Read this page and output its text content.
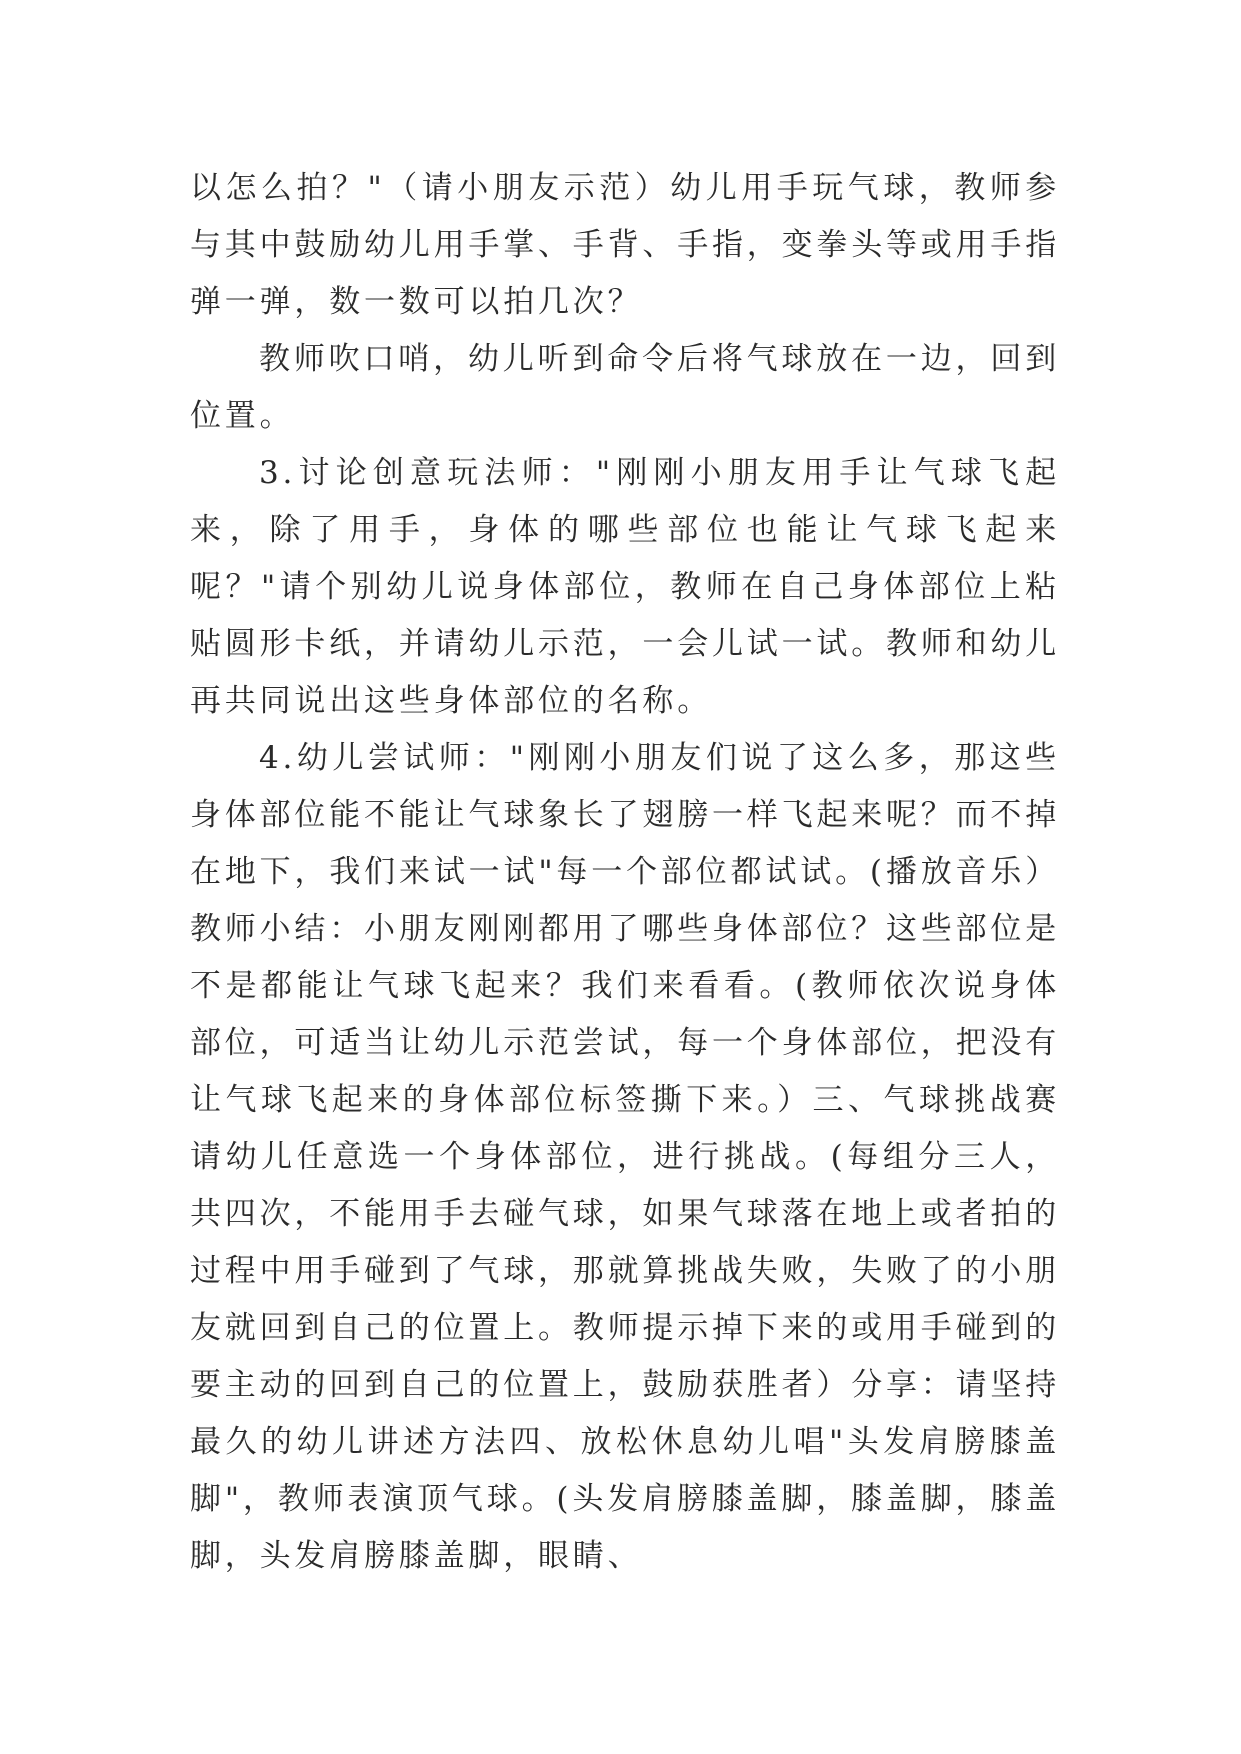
以怎么拍？"（请小朋友示范）幼儿用手玩气球，教师参与其中鼓励幼儿用手掌、手背、手指，变拳头等或用手指弹一弹，数一数可以拍几次？

教师吹口哨，幼儿听到命令后将气球放在一边，回到位置。

3.讨论创意玩法师："刚刚小朋友用手让气球飞起来，除了用手，身体的哪些部位也能让气球飞起来呢？"请个别幼儿说身体部位，教师在自己身体部位上粘贴圆形卡纸，并请幼儿示范，一会儿试一试。教师和幼儿再共同说出这些身体部位的名称。

4.幼儿尝试师："刚刚小朋友们说了这么多，那这些身体部位能不能让气球象长了翅膀一样飞起来呢？而不掉在地下，我们来试一试"每一个部位都试试。(播放音乐）教师小结：小朋友刚刚都用了哪些身体部位？这些部位是不是都能让气球飞起来？我们来看看。(教师依次说身体部位，可适当让幼儿示范尝试，每一个身体部位，把没有让气球飞起来的身体部位标签撕下来。）三、气球挑战赛请幼儿任意选一个身体部位，进行挑战。(每组分三人，共四次，不能用手去碰气球，如果气球落在地上或者拍的过程中用手碰到了气球，那就算挑战失败，失败了的小朋友就回到自己的位置上。教师提示掉下来的或用手碰到的要主动的回到自己的位置上，鼓励获胜者）分享：请坚持最久的幼儿讲述方法四、放松休息幼儿唱"头发肩膀膝盖脚"，教师表演顶气球。(头发肩膀膝盖脚，膝盖脚，膝盖脚，头发肩膀膝盖脚，眼睛、
